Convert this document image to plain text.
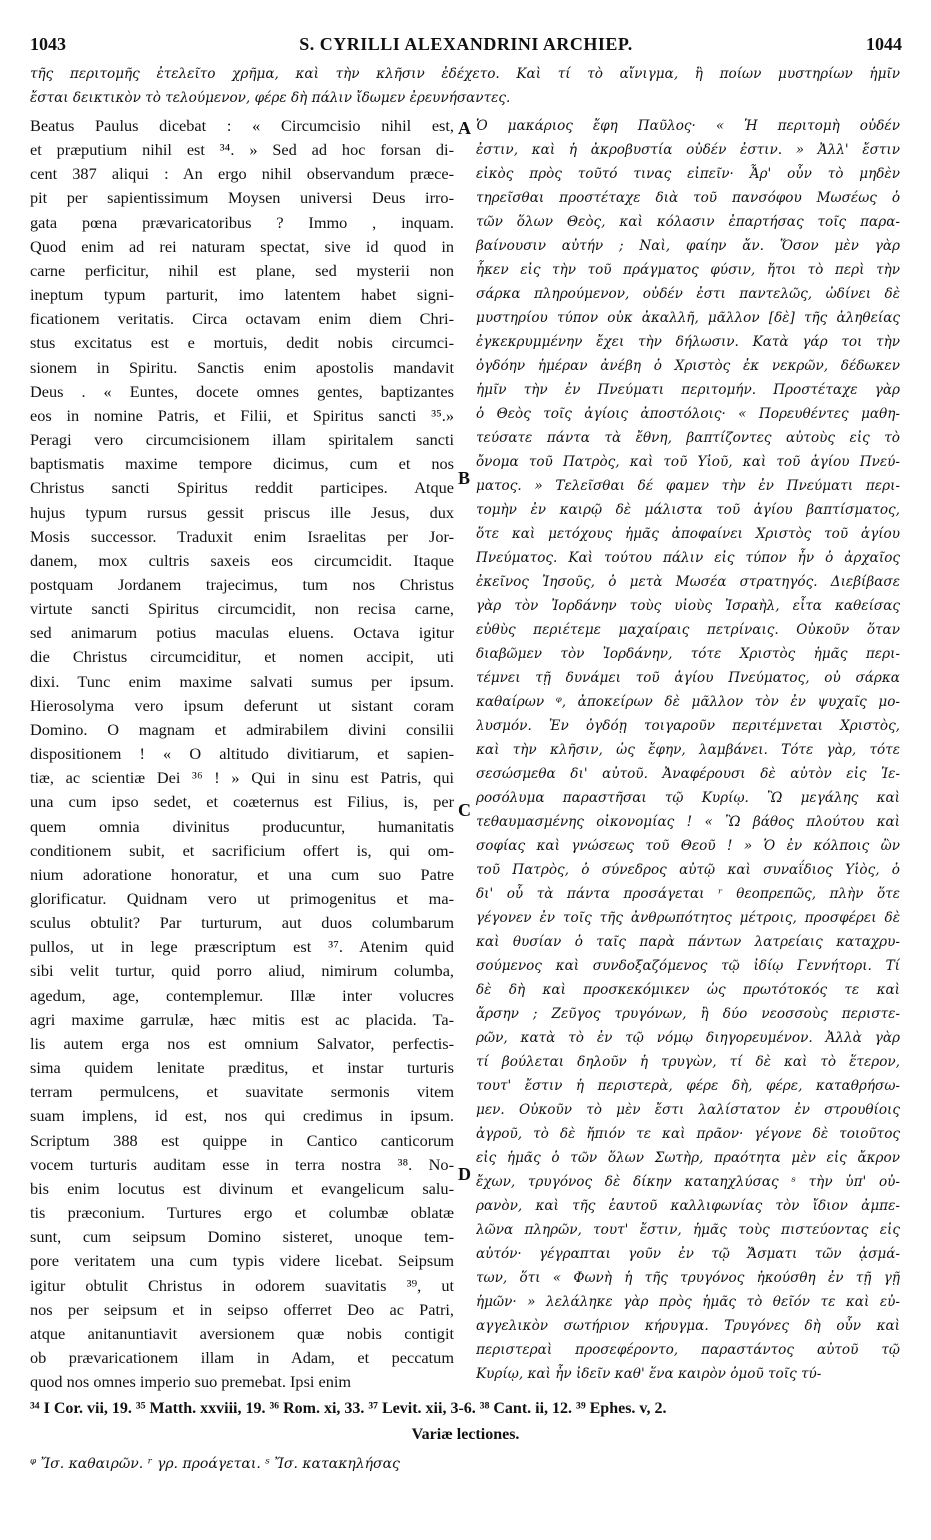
1043	S. CYRILLI ALEXANDRINI ARCHIEP.	1044
τῆς περιτομῆς ἐτελεῖτο χρῆμα, καὶ τὴν κλῆσιν ἐδέχετο. Καὶ τί τὸ αἴνιγμα, ἢ ποίων μυστηρίων ἡμῖν
ἔσται δεικτικὸν τὸ τελούμενον, φέρε δὴ πάλιν ἴδωμεν ἐρευνήσαντες.
Beatus Paulus dicebat : « Circumcisio nihil est,
et præputium nihil est ³⁴. » Sed ad hoc forsan di-
cent 387 aliqui : An ergo nihil observandum præce-
pit per sapientissimum Moysen universi Deus irro-
gata pœna prævaricatoribus ? Immo , inquam.
Quod enim ad rei naturam spectat, sive id quod in
carne perficitur, nihil est plane, sed mysterii non
ineptum typum parturit, imo latentem habet signi-
ficationem veritatis. Circa octavam enim diem Chri-
stus excitatus est e mortuis, dedit nobis circumci-
sionem in Spiritu. Sanctis enim apostolis mandavit
Deus . « Euntes, docete omnes gentes, baptizantes
eos in nomine Patris, et Filii, et Spiritus sancti ³⁵.»
Peragi vero circumcisionem illam spiritalem sancti
baptismatis maxime tempore dicimus, cum et nos
Christus sancti Spiritus reddit participes. Atque
hujus typum rursus gessit priscus ille Jesus, dux
Mosis successor. Traduxit enim Israelitas per Jor-
danem, mox cultris saxeis eos circumcidit. Itaque
postquam Jordanem trajecimus, tum nos Christus
virtute sancti Spiritus circumcidit, non recisa carne,
sed animarum potius maculas eluens. Octava igitur
die Christus circumciditur, et nomen accipit, uti
dixi. Tunc enim maxime salvati sumus per ipsum.
Hierosolyma vero ipsum deferunt ut sistant coram
Domino. O magnam et admirabilem divini consilii
dispositionem ! « O altitudo divitiarum, et sapien-
tiæ, ac scientiæ Dei ³⁶ ! » Qui in sinu est Patris, qui
una cum ipso sedet, et coæternus est Filius, is, per
quem omnia divinitus producuntur, humanitatis
conditionem subit, et sacrificium offert is, qui om-
nium adoratione honoratur, et una cum suo Patre
glorificatur. Quidnam vero ut primogenitus et ma-
sculus obtulit? Par turturum, aut duos columbarum
pullos, ut in lege præscriptum est ³⁷. Atenim quid
sibi velit turtur, quid porro aliud, nimirum columba,
agedum, age, contemplemur. Illæ inter volucres
agri maxime garrulæ, hæc mitis est ac placida. Ta-
lis autem erga nos est omnium Salvator, perfectis-
sima quidem lenitate præditus, et instar turturis
terram permulcens, et suavitate sermonis vitem
suam implens, id est, nos qui credimus in ipsum.
Scriptum 388 est quippe in Cantico canticorum
vocem turturis auditam esse in terra nostra ³⁸. No-
bis enim locutus est divinum et evangelicum salu-
tis præconium. Turtures ergo et columbæ oblatæ
sunt, cum seipsum Domino sisteret, unoque tem-
pore veritatem una cum typis videre licebat. Seipsum
igitur obtulit Christus in odorem suavitatis ³⁹, ut
nos per seipsum et in seipso offerret Deo ac Patri,
atque anitanuntiavit aversionem quæ nobis contigit
ob prævaricationem illam in Adam, et peccatum
quod nos omnes imperio suo premebat. Ipsi enim
Ὁ μακάριος ἔφη Παῦλος· « Ἡ περιτομὴ οὐδέν
ἐστιν, καὶ ἡ ἀκροβυστία οὐδέν ἐστιν. » Ἀλλ' ἔστιν
εἰκὸς πρὸς τοῦτό τινας εἰπεῖν· Ἆρ' οὖν τὸ μηδὲν
τηρεῖσθαι προστέταχε διὰ τοῦ πανσόφου Μωσέως ὁ
τῶν ὅλων Θεὸς, καὶ κόλασιν ἐπαρτήσας τοῖς παρα-
βαίνουσιν αὐτήν ; Ναὶ, φαίην ἄν. Ὅσον μὲν γὰρ
ἧκεν εἰς τὴν τοῦ πράγματος φύσιν, ἤτοι τὸ περὶ τὴν
σάρκα πληρούμενον, οὐδέν ἐστι παντελῶς, ὠδίνει δὲ
μυστηρίου τύπον οὐκ ἀκαλλῆ, μᾶλλον [δὲ] τῆς ἀληθείας
ἐγκεκρυμμένην ἔχει τὴν δήλωσιν. Κατὰ γάρ τοι τὴν
ὀγδόην ἡμέραν ἀνέβη ὁ Χριστὸς ἐκ νεκρῶν, δέδωκεν
ἡμῖν τὴν ἐν Πνεύματι περιτομήν. Προστέταχε γὰρ
ὁ Θεὸς τοῖς ἁγίοις ἀποστόλοις· « Πορευθέντες μαθη-
τεύσατε πάντα τὰ ἔθνη, βαπτίζοντες αὐτοὺς εἰς τὸ
ὄνομα τοῦ Πατρὸς, καὶ τοῦ Υἱοῦ, καὶ τοῦ ἁγίου Πνεύ-
ματος. » Τελεῖσθαι δέ φαμεν τὴν ἐν Πνεύματι περι-
τομὴν ἐν καιρῷ δὲ μάλιστα τοῦ ἁγίου βαπτίσματος,
ὅτε καὶ μετόχους ἡμᾶς ἀποφαίνει Χριστὸς τοῦ ἁγίου
Πνεύματος. Καὶ τούτου πάλιν εἰς τύπον ἦν ὁ ἀρχαῖος
ἐκεῖνος Ἰησοῦς, ὁ μετὰ Μωσέα στρατηγός. Διεβίβασε
γὰρ τὸν Ἰορδάνην τοὺς υἱοὺς Ἰσραὴλ, εἶτα καθείσας
εὐθὺς περιέτεμε μαχαίραις πετρίναις. Οὐκοῦν ὅταν
διαβῶμεν τὸν Ἰορδάνην, τότε Χριστὸς ἡμᾶς περι-
τέμνει τῇ δυνάμει τοῦ ἁγίου Πνεύματος, οὐ σάρκα
καθαίρων ᵠ, ἀποκείρων δὲ μᾶλλον τὸν ἐν ψυχαῖς μο-
λυσμόν. Ἐν ὀγδόῃ τοιγαροῦν περιτέμνεται Χριστὸς,
καὶ τὴν κλῆσιν, ὡς ἔφην, λαμβάνει. Τότε γὰρ, τότε
σεσώσμεθα δι' αὐτοῦ. Ἀναφέρουσι δὲ αὐτὸν εἰς Ἱε-
ροσόλυμα παραστῆσαι τῷ Κυρίῳ. Ὢ μεγάλης καὶ
τεθαυμασμένης οἰκονομίας ! « Ὢ βάθος πλούτου καὶ
σοφίας καὶ γνώσεως τοῦ Θεοῦ ! » Ὁ ἐν κόλποις ὢν
τοῦ Πατρὸς, ὁ σύνεδρος αὐτῷ καὶ συναΐδιος Υἱὸς, ὁ
δι' οὗ τὰ πάντα προσάγεται ʳ θεοπρεπῶς, πλὴν ὅτε
γέγονεν ἐν τοῖς τῆς ἀνθρωπότητος μέτροις, προσφέρει δὲ
καὶ θυσίαν ὁ ταῖς παρὰ πάντων λατρείαις καταχρυ-
σούμενος καὶ συνδοξαζόμενος τῷ ἰδίῳ Γεννήτορι. Τί
δὲ δὴ καὶ προσκεκόμικεν ὡς πρωτότοκός τε καὶ
ἄρσην ; Ζεῦγος τρυγόνων, ἢ δύο νεοσσοὺς περιστε-
ρῶν, κατὰ τὸ ἐν τῷ νόμῳ διηγορευμένον. Ἀλλὰ γὰρ
τί βούλεται δηλοῦν ἡ τρυγὼν, τί δὲ καὶ τὸ ἕτερον,
τουτ' ἔστιν ἡ περιστερὰ, φέρε δὴ, φέρε, καταθρήσω-
μεν. Οὐκοῦν τὸ μὲν ἔστι λαλίστατον ἐν στρουθίοις
ἀγροῦ, τὸ δὲ ἤπιόν τε καὶ πρᾶον· γέγονε δὲ τοιοῦτος
εἰς ἡμᾶς ὁ τῶν ὅλων Σωτὴρ, πραότητα μὲν εἰς ἄκρον
ἔχων, τρυγόνος δὲ δίκην καταηχλύσας ˢ τὴν ὑπ' οὐ-
ρανὸν, καὶ τῆς ἑαυτοῦ καλλιφωνίας τὸν ἴδιον ἀμπε-
λῶνα πληρῶν, τουτ' ἔστιν, ἡμᾶς τοὺς πιστεύοντας εἰς
αὐτόν· γέγραπται γοῦν ἐν τῷ Ἄσματι τῶν ᾀσμά-
των, ὅτι « Φωνὴ ἡ τῆς τρυγόνος ἠκούσθη ἐν τῇ γῇ
ἡμῶν· » λελάληκε γὰρ πρὸς ἡμᾶς τὸ θεῖόν τε καὶ εὐ-
αγγελικὸν σωτήριον κήρυγμα. Τρυγόνες δὴ οὖν καὶ
περιστεραὶ προσεφέροντο, παραστάντος αὐτοῦ τῷ
Κυρίῳ, καὶ ἦν ἰδεῖν καθ' ἕνα καιρὸν ὁμοῦ τοῖς τύ-
A
B
C
D
³⁴ I Cor. vii, 19. ³⁵ Matth. xxviii, 19. ³⁶ Rom. xi, 33. ³⁷ Levit. xii, 3-6. ³⁸ Cant. ii, 12. ³⁹ Ephes. v, 2.
Variæ lectiones.
ᵠ Ἴσ. καθαιρῶν. ʳ γρ. προάγεται. ˢ Ἴσ. κατακηλήσας
